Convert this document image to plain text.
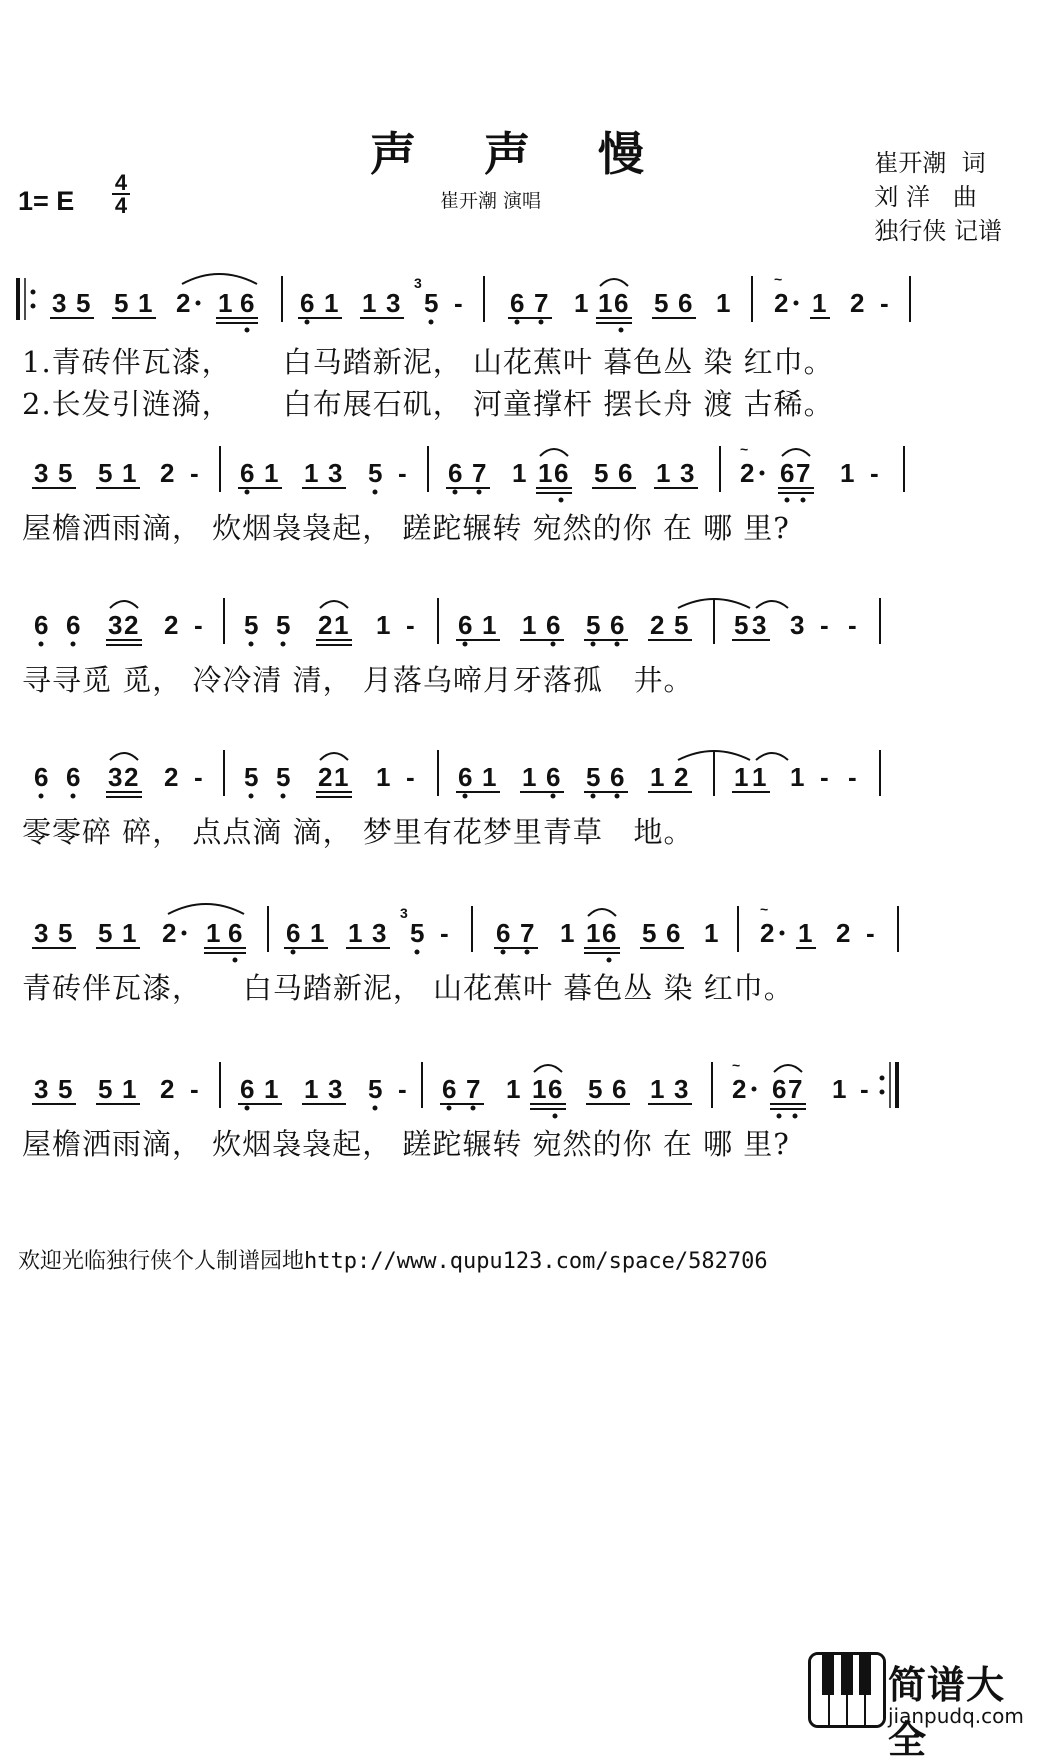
声 声 慢
崔开潮 演唱
1= E
4
4
崔开潮  词
刘 洋   曲
独行侠 记谱
3 5 5 1 2 1 6 6 1 1 3
3
5 - 6 7 1 1 6 5 6 1
~
2 1 2 -
1.青砖伴瓦漆，     白马踏新泥， 山花蕉叶 暮色丛 染 红巾。
2.长发引涟漪，     白布展石矶， 河童撑杆 摆长舟 渡 古稀。
3 5 5 1 2 - 6 1 1 3 5 - 6 7 1 1 6 5 6 1 3
~
2 6 7 1 -
屋檐洒雨滴， 炊烟袅袅起， 蹉跎辗转 宛然的你 在 哪 里?
6 6 3 2 2 - 5 5 2 1 1 - 6 1 1 6 5 6 2 5 5 3 3 - -
寻寻觅 觅， 冷冷清 清， 月落乌啼月牙落孤   井。
6 6 3 2 2 - 5 5 2 1 1 - 6 1 1 6 5 6 1 2 1 1 1 - -
零零碎 碎， 点点滴 滴， 梦里有花梦里青草   地。
3 5 5 1 2 1 6 6 1 1 3
3
5 - 6 7 1 1 6 5 6 1
~
2 1 2 -
青砖伴瓦漆，    白马踏新泥， 山花蕉叶 暮色丛 染 红巾。
3 5 5 1 2 - 6 1 1 3 5 - 6 7 1 1 6 5 6 1 3
~
2 6 7 1 -
屋檐洒雨滴， 炊烟袅袅起， 蹉跎辗转 宛然的你 在 哪 里?
欢迎光临独行侠个人制谱园地http://www.qupu123.com/space/582706
简谱大全
jianpudq.com
